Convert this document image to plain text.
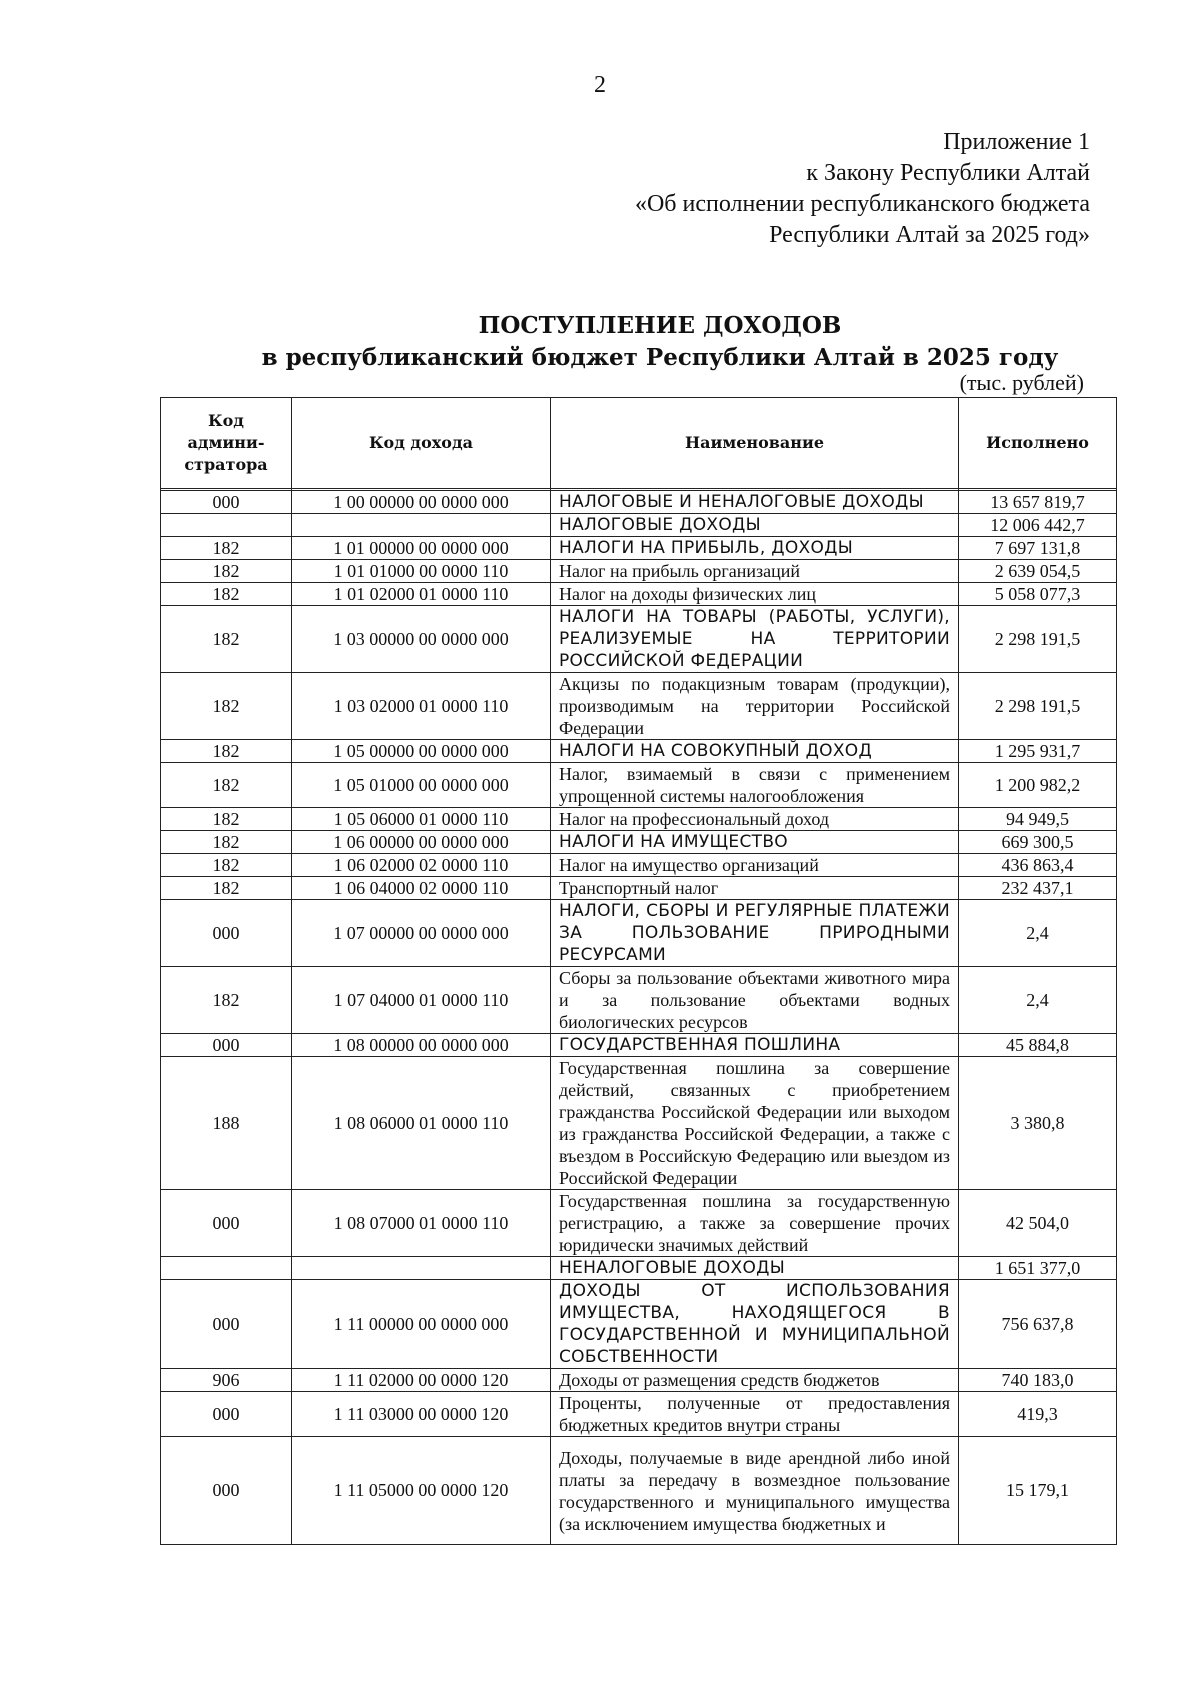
2
Приложение 1
к Закону Республики Алтай
«Об исполнении республиканского бюджета
Республики Алтай за 2025 год»
ПОСТУПЛЕНИЕ ДОХОДОВ
в республиканский бюджет Республики Алтай в 2025 году
(тыс. рублей)
Код админи-стратора	Код дохода	Наименование	Исполнено

000	1 00 00000 00 0000 000	НАЛОГОВЫЕ И НЕНАЛОГОВЫЕ ДОХОДЫ	13 657 819,7
		НАЛОГОВЫЕ ДОХОДЫ	12 006 442,7
182	1 01 00000 00 0000 000	НАЛОГИ НА ПРИБЫЛЬ, ДОХОДЫ	7 697 131,8
182	1 01 01000 00 0000 110	Налог на прибыль организаций	2 639 054,5
182	1 01 02000 01 0000 110	Налог на доходы физических лиц	5 058 077,3
182	1 03 00000 00 0000 000	НАЛОГИ НА ТОВАРЫ (РАБОТЫ, УСЛУГИ), РЕАЛИЗУЕМЫЕ НА ТЕРРИТОРИИ РОССИЙСКОЙ ФЕДЕРАЦИИ	2 298 191,5
182	1 03 02000 01 0000 110	Акцизы по подакцизным товарам (продукции), производимым на территории Российской Федерации	2 298 191,5
182	1 05 00000 00 0000 000	НАЛОГИ НА СОВОКУПНЫЙ ДОХОД	1 295 931,7
182	1 05 01000 00 0000 000	Налог, взимаемый в связи с применением упрощенной системы налогообложения	1 200 982,2
182	1 05 06000 01 0000 110	Налог на профессиональный доход	94 949,5
182	1 06 00000 00 0000 000	НАЛОГИ НА ИМУЩЕСТВО	669 300,5
182	1 06 02000 02 0000 110	Налог на имущество организаций	436 863,4
182	1 06 04000 02 0000 110	Транспортный налог	232 437,1
000	1 07 00000 00 0000 000	НАЛОГИ, СБОРЫ И РЕГУЛЯРНЫЕ ПЛАТЕЖИ ЗА ПОЛЬЗОВАНИЕ ПРИРОДНЫМИ РЕСУРСАМИ	2,4
182	1 07 04000 01 0000 110	Сборы за пользование объектами животного мира и за пользование объектами водных биологических ресурсов	2,4
000	1 08 00000 00 0000 000	ГОСУДАРСТВЕННАЯ ПОШЛИНА	45 884,8
188	1 08 06000 01 0000 110	Государственная пошлина за совершение действий, связанных с приобретением гражданства Российской Федерации или выходом из гражданства Российской Федерации, а также с въездом в Российскую Федерацию или выездом из Российской Федерации	3 380,8
000	1 08 07000 01 0000 110	Государственная пошлина за государственную регистрацию, а также за совершение прочих юридически значимых действий	42 504,0
		НЕНАЛОГОВЫЕ ДОХОДЫ	1 651 377,0
000	1 11 00000 00 0000 000	ДОХОДЫ ОТ ИСПОЛЬЗОВАНИЯ ИМУЩЕСТВА, НАХОДЯЩЕГОСЯ В ГОСУДАРСТВЕННОЙ И МУНИЦИПАЛЬНОЙ СОБСТВЕННОСТИ	756 637,8
906	1 11 02000 00 0000 120	Доходы от размещения средств бюджетов	740 183,0
000	1 11 03000 00 0000 120	Проценты, полученные от предоставления бюджетных кредитов внутри страны	419,3
000	1 11 05000 00 0000 120	Доходы, получаемые в виде арендной либо иной платы за передачу в возмездное пользование государственного и муниципального имущества (за исключением имущества бюджетных и	15 179,1
